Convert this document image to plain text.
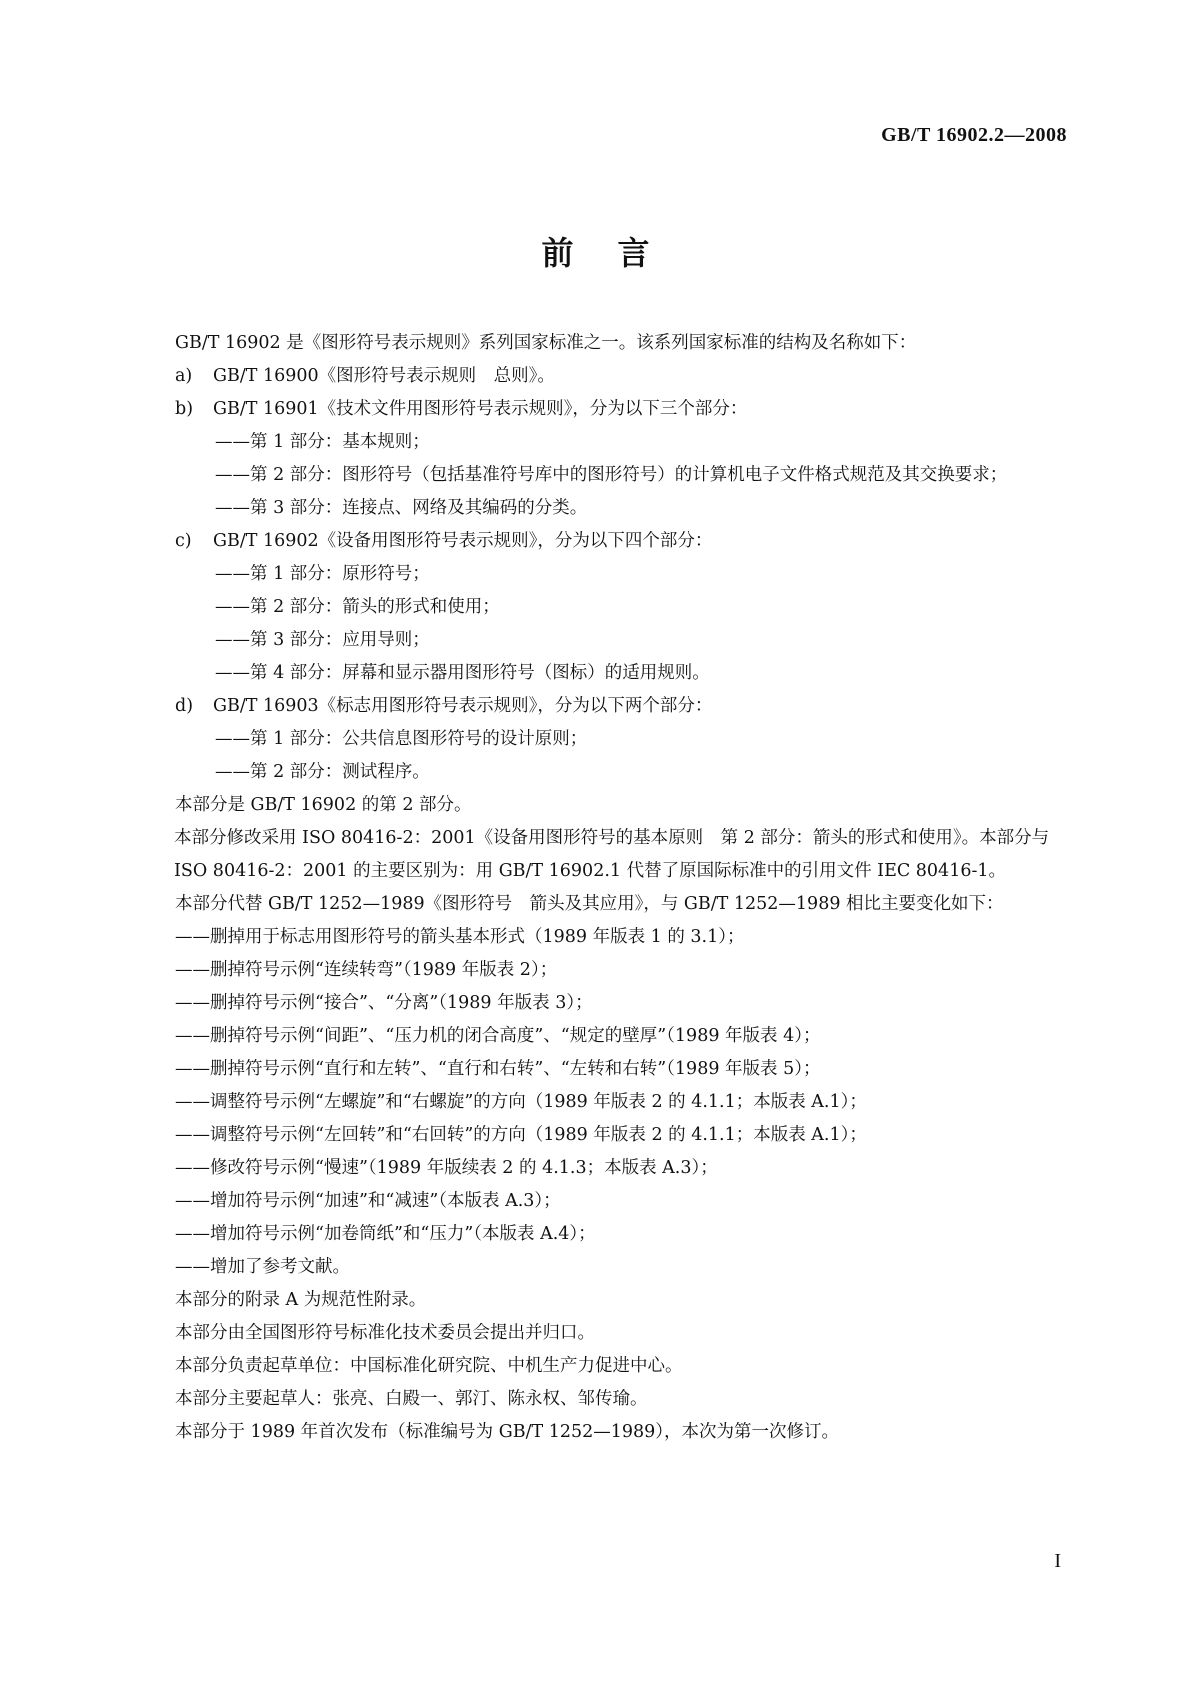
GB/T 16902.2—2008
前言

GB/T 16902 是《图形符号表示规则》系列国家标准之一。该系列国家标准的结构及名称如下：

a) GB/T 16900《图形符号表示规则　总则》。
b) GB/T 16901《技术文件用图形符号表示规则》，分为以下三个部分：
——第 1 部分：基本规则；
——第 2 部分：图形符号（包括基准符号库中的图形符号）的计算机电子文件格式规范及其交换要求；
——第 3 部分：连接点、网络及其编码的分类。
c) GB/T 16902《设备用图形符号表示规则》，分为以下四个部分：
——第 1 部分：原形符号；
——第 2 部分：箭头的形式和使用；
——第 3 部分：应用导则；
——第 4 部分：屏幕和显示器用图形符号（图标）的适用规则。
d) GB/T 16903《标志用图形符号表示规则》，分为以下两个部分：
——第 1 部分：公共信息图形符号的设计原则；
——第 2 部分：测试程序。

本部分是 GB/T 16902 的第 2 部分。

本部分修改采用 ISO 80416-2：2001《设备用图形符号的基本原则　第 2 部分：箭头的形式和使用》。本部分与 ISO 80416-2：2001 的主要区别为：用 GB/T 16902.1 代替了原国际标准中的引用文件 IEC 80416-1。

本部分代替 GB/T 1252—1989《图形符号　箭头及其应用》，与 GB/T 1252—1989 相比主要变化如下：

——删掉用于标志用图形符号的箭头基本形式（1989 年版表 1 的 3.1）；
——删掉符号示例“连续转弯”（1989 年版表 2）；
——删掉符号示例“接合”、“分离”（1989 年版表 3）；
——删掉符号示例“间距”、“压力机的闭合高度”、“规定的壁厚”（1989 年版表 4）；
——删掉符号示例“直行和左转”、“直行和右转”、“左转和右转”（1989 年版表 5）；
——调整符号示例“左螺旋”和“右螺旋”的方向（1989 年版表 2 的 4.1.1；本版表 A.1）；
——调整符号示例“左回转”和“右回转”的方向（1989 年版表 2 的 4.1.1；本版表 A.1）；
——修改符号示例“慢速”（1989 年版续表 2 的 4.1.3；本版表 A.3）；
——增加符号示例“加速”和“减速”（本版表 A.3）；
——增加符号示例“加卷筒纸”和“压力”（本版表 A.4）；
——增加了参考文献。

本部分的附录 A 为规范性附录。

本部分由全国图形符号标准化技术委员会提出并归口。

本部分负责起草单位：中国标准化研究院、中机生产力促进中心。

本部分主要起草人：张亮、白殿一、郭汀、陈永权、邹传瑜。

本部分于 1989 年首次发布（标准编号为 GB/T 1252—1989），本次为第一次修订。

I
